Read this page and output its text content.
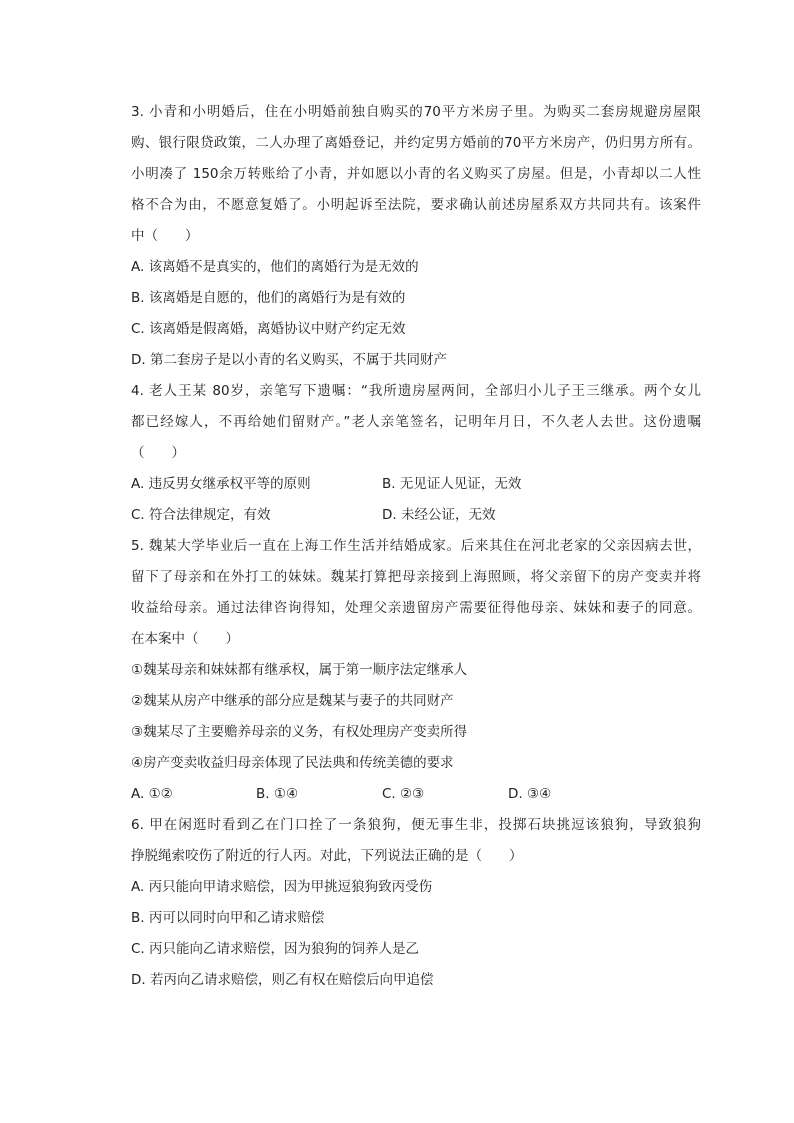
3. 小青和小明婚后，住在小明婚前独自购买的70平方米房子里。为购买二套房规避房屋限
购、银行限贷政策，二人办理了离婚登记，并约定男方婚前的70平方米房产，仍归男方所有。
小明凑了 150余万转账给了小青，并如愿以小青的名义购买了房屋。但是，小青却以二人性
格不合为由，不愿意复婚了。小明起诉至法院，要求确认前述房屋系双方共同共有。该案件
中（　　）
A. 该离婚不是真实的，他们的离婚行为是无效的
B. 该离婚是自愿的，他们的离婚行为是有效的
C. 该离婚是假离婚，离婚协议中财产约定无效
D. 第二套房子是以小青的名义购买，不属于共同财产
4. 老人王某 80岁，亲笔写下遗嘱：“我所遗房屋两间，全部归小儿子王三继承。两个女儿
都已经嫁人，不再给她们留财产。”老人亲笔签名，记明年月日，不久老人去世。这份遗嘱
（　　）
A. 违反男女继承权平等的原则	B. 无见证人见证，无效
C. 符合法律规定，有效	D. 未经公证，无效
5. 魏某大学毕业后一直在上海工作生活并结婚成家。后来其住在河北老家的父亲因病去世，
留下了母亲和在外打工的妹妹。魏某打算把母亲接到上海照顾，将父亲留下的房产变卖并将
收益给母亲。通过法律咨询得知，处理父亲遗留房产需要征得他母亲、妹妹和妻子的同意。
在本案中（　　）
①魏某母亲和妹妹都有继承权，属于第一顺序法定继承人
②魏某从房产中继承的部分应是魏某与妻子的共同财产
③魏某尽了主要赡养母亲的义务，有权处理房产变卖所得
④房产变卖收益归母亲体现了民法典和传统美德的要求
A. ①②	B. ①④	C. ②③	D. ③④
6. 甲在闲逛时看到乙在门口拴了一条狼狗，便无事生非，投掷石块挑逗该狼狗，导致狼狗
挣脱绳索咬伤了附近的行人丙。对此，下列说法正确的是（　　）
A. 丙只能向甲请求赔偿，因为甲挑逗狼狗致丙受伤
B. 丙可以同时向甲和乙请求赔偿
C. 丙只能向乙请求赔偿，因为狼狗的饲养人是乙
D. 若丙向乙请求赔偿，则乙有权在赔偿后向甲追偿
